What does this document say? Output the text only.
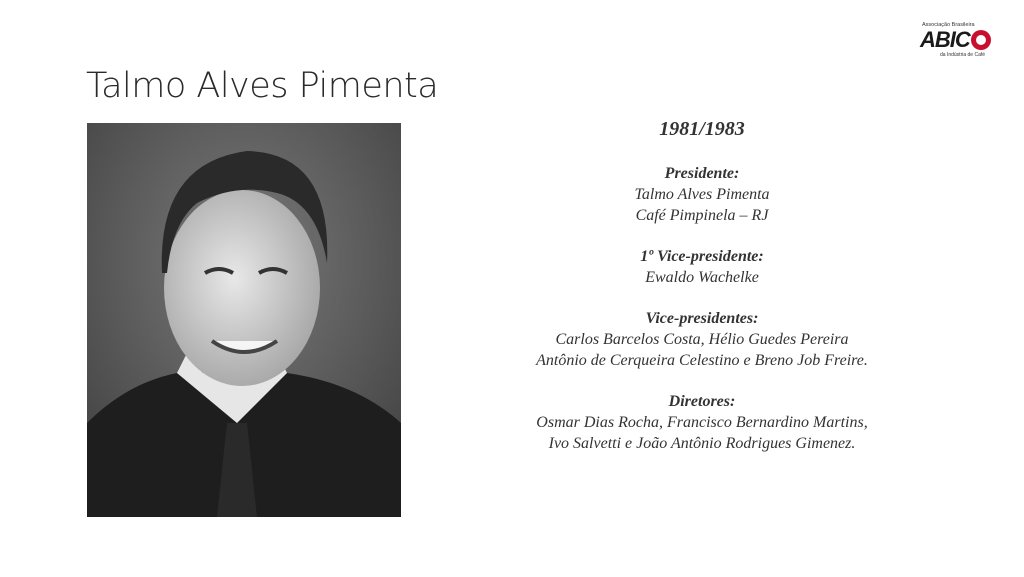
Associação Brasileira
ABIC
da Indústria de Café
Talmo Alves Pimenta
1981/1983
Presidente:
Talmo Alves Pimenta
Café Pimpinela – RJ
1º Vice-presidente:
Ewaldo Wachelke
Vice-presidentes:
Carlos Barcelos Costa, Hélio Guedes Pereira
Antônio de Cerqueira Celestino e Breno Job Freire.
Diretores:
Osmar Dias Rocha, Francisco Bernardino Martins,
Ivo Salvetti e João Antônio Rodrigues Gimenez.
